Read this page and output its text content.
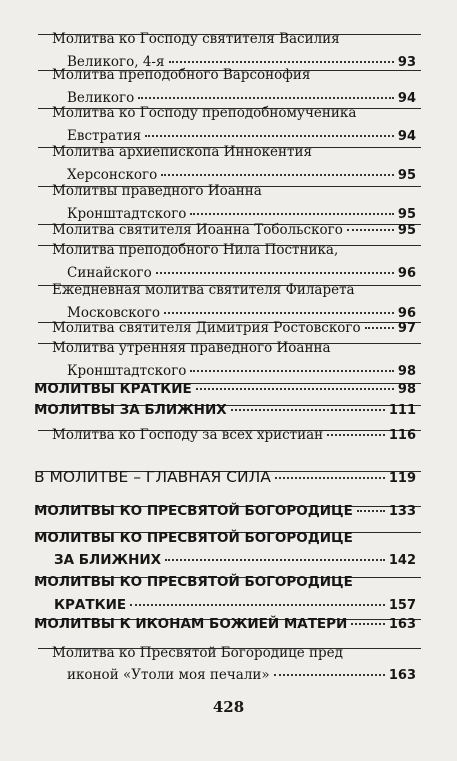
Молитва ко Господу святителя Василия
Великого, 4-я	93
Молитва преподобного Варсонофия
Великого	94
Молитва ко Господу преподобномученика
Евстратия	94
Молитва архиепископа Иннокентия
Херсонского	95
Молитвы праведного Иоанна
Кронштадтского	95
Молитва святителя Иоанна Тобольского	95
Молитва преподобного Нила Постника,
Синайского	96
Ежедневная молитва святителя Филарета
Московского	96
Молитва святителя Димитрия Ростовского	97
Молитва утренняя праведного Иоанна
Кронштадтского	98
МОЛИТВЫ КРАТКИЕ	98
МОЛИТВЫ ЗА БЛИЖНИХ	111
Молитва ко Господу за всех христиан	116
В МОЛИТВЕ – ГЛАВНАЯ СИЛА	119
МОЛИТВЫ КО ПРЕСВЯТОЙ БОГОРОДИЦЕ	133
МОЛИТВЫ КО ПРЕСВЯТОЙ БОГОРОДИЦЕ
ЗА БЛИЖНИХ	142
МОЛИТВЫ КО ПРЕСВЯТОЙ БОГОРОДИЦЕ
КРАТКИЕ	157
МОЛИТВЫ К ИКОНАМ БОЖИЕЙ МАТЕРИ	163
Молитва ко Пресвятой Богородице пред
иконой «Утоли моя печали»	163
428
